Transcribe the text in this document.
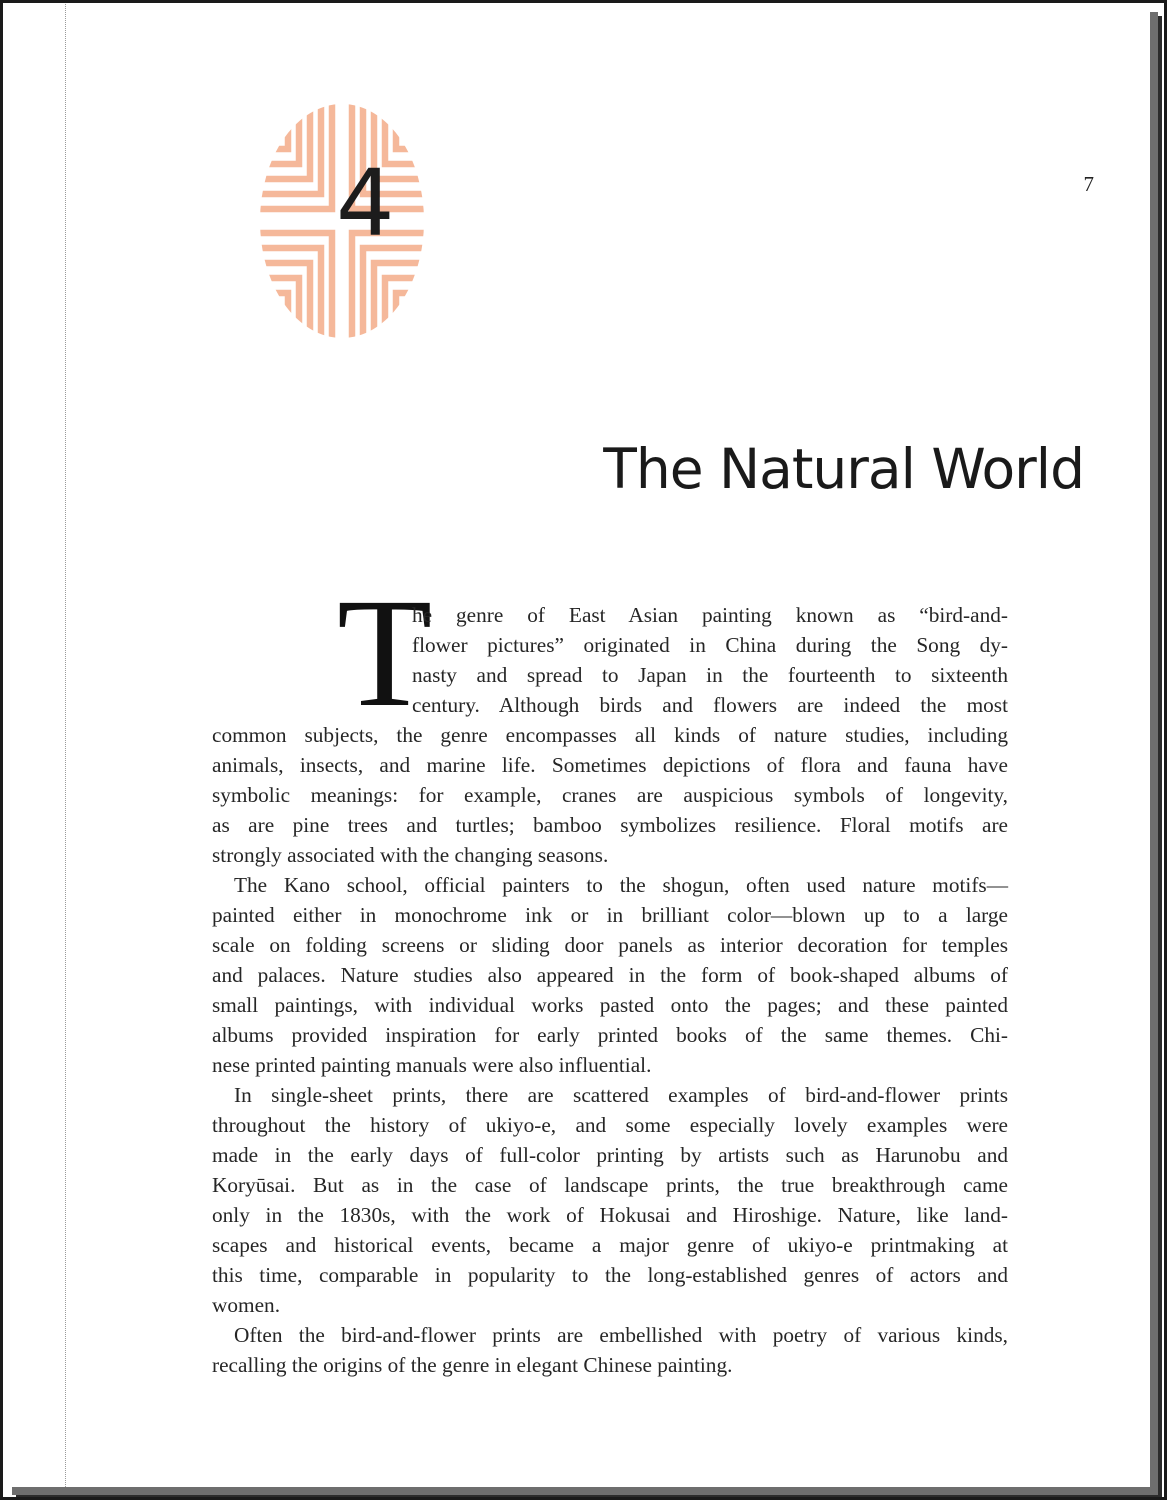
4	7
The Natural World
T
he genre of East Asian painting known as “bird-and-
flower pictures” originated in China during the Song dy-
nasty and spread to Japan in the fourteenth to sixteenth
century. Although birds and flowers are indeed the most
common subjects, the genre encompasses all kinds of nature studies, including
animals, insects, and marine life. Sometimes depictions of flora and fauna have
symbolic meanings: for example, cranes are auspicious symbols of longevity,
as are pine trees and turtles; bamboo symbolizes resilience. Floral motifs are
strongly associated with the changing seasons.
The Kano school, official painters to the shogun, often used nature motifs—
painted either in monochrome ink or in brilliant color—blown up to a large
scale on folding screens or sliding door panels as interior decoration for temples
and palaces. Nature studies also appeared in the form of book-shaped albums of
small paintings, with individual works pasted onto the pages; and these painted
albums provided inspiration for early printed books of the same themes. Chi-
nese printed painting manuals were also influential.
In single-sheet prints, there are scattered examples of bird-and-flower prints
throughout the history of ukiyo-e, and some especially lovely examples were
made in the early days of full-color printing by artists such as Harunobu and
Koryūsai. But as in the case of landscape prints, the true breakthrough came
only in the 1830s, with the work of Hokusai and Hiroshige. Nature, like land-
scapes and historical events, became a major genre of ukiyo-e printmaking at
this time, comparable in popularity to the long-established genres of actors and
women.
Often the bird-and-flower prints are embellished with poetry of various kinds,
recalling the origins of the genre in elegant Chinese painting.
